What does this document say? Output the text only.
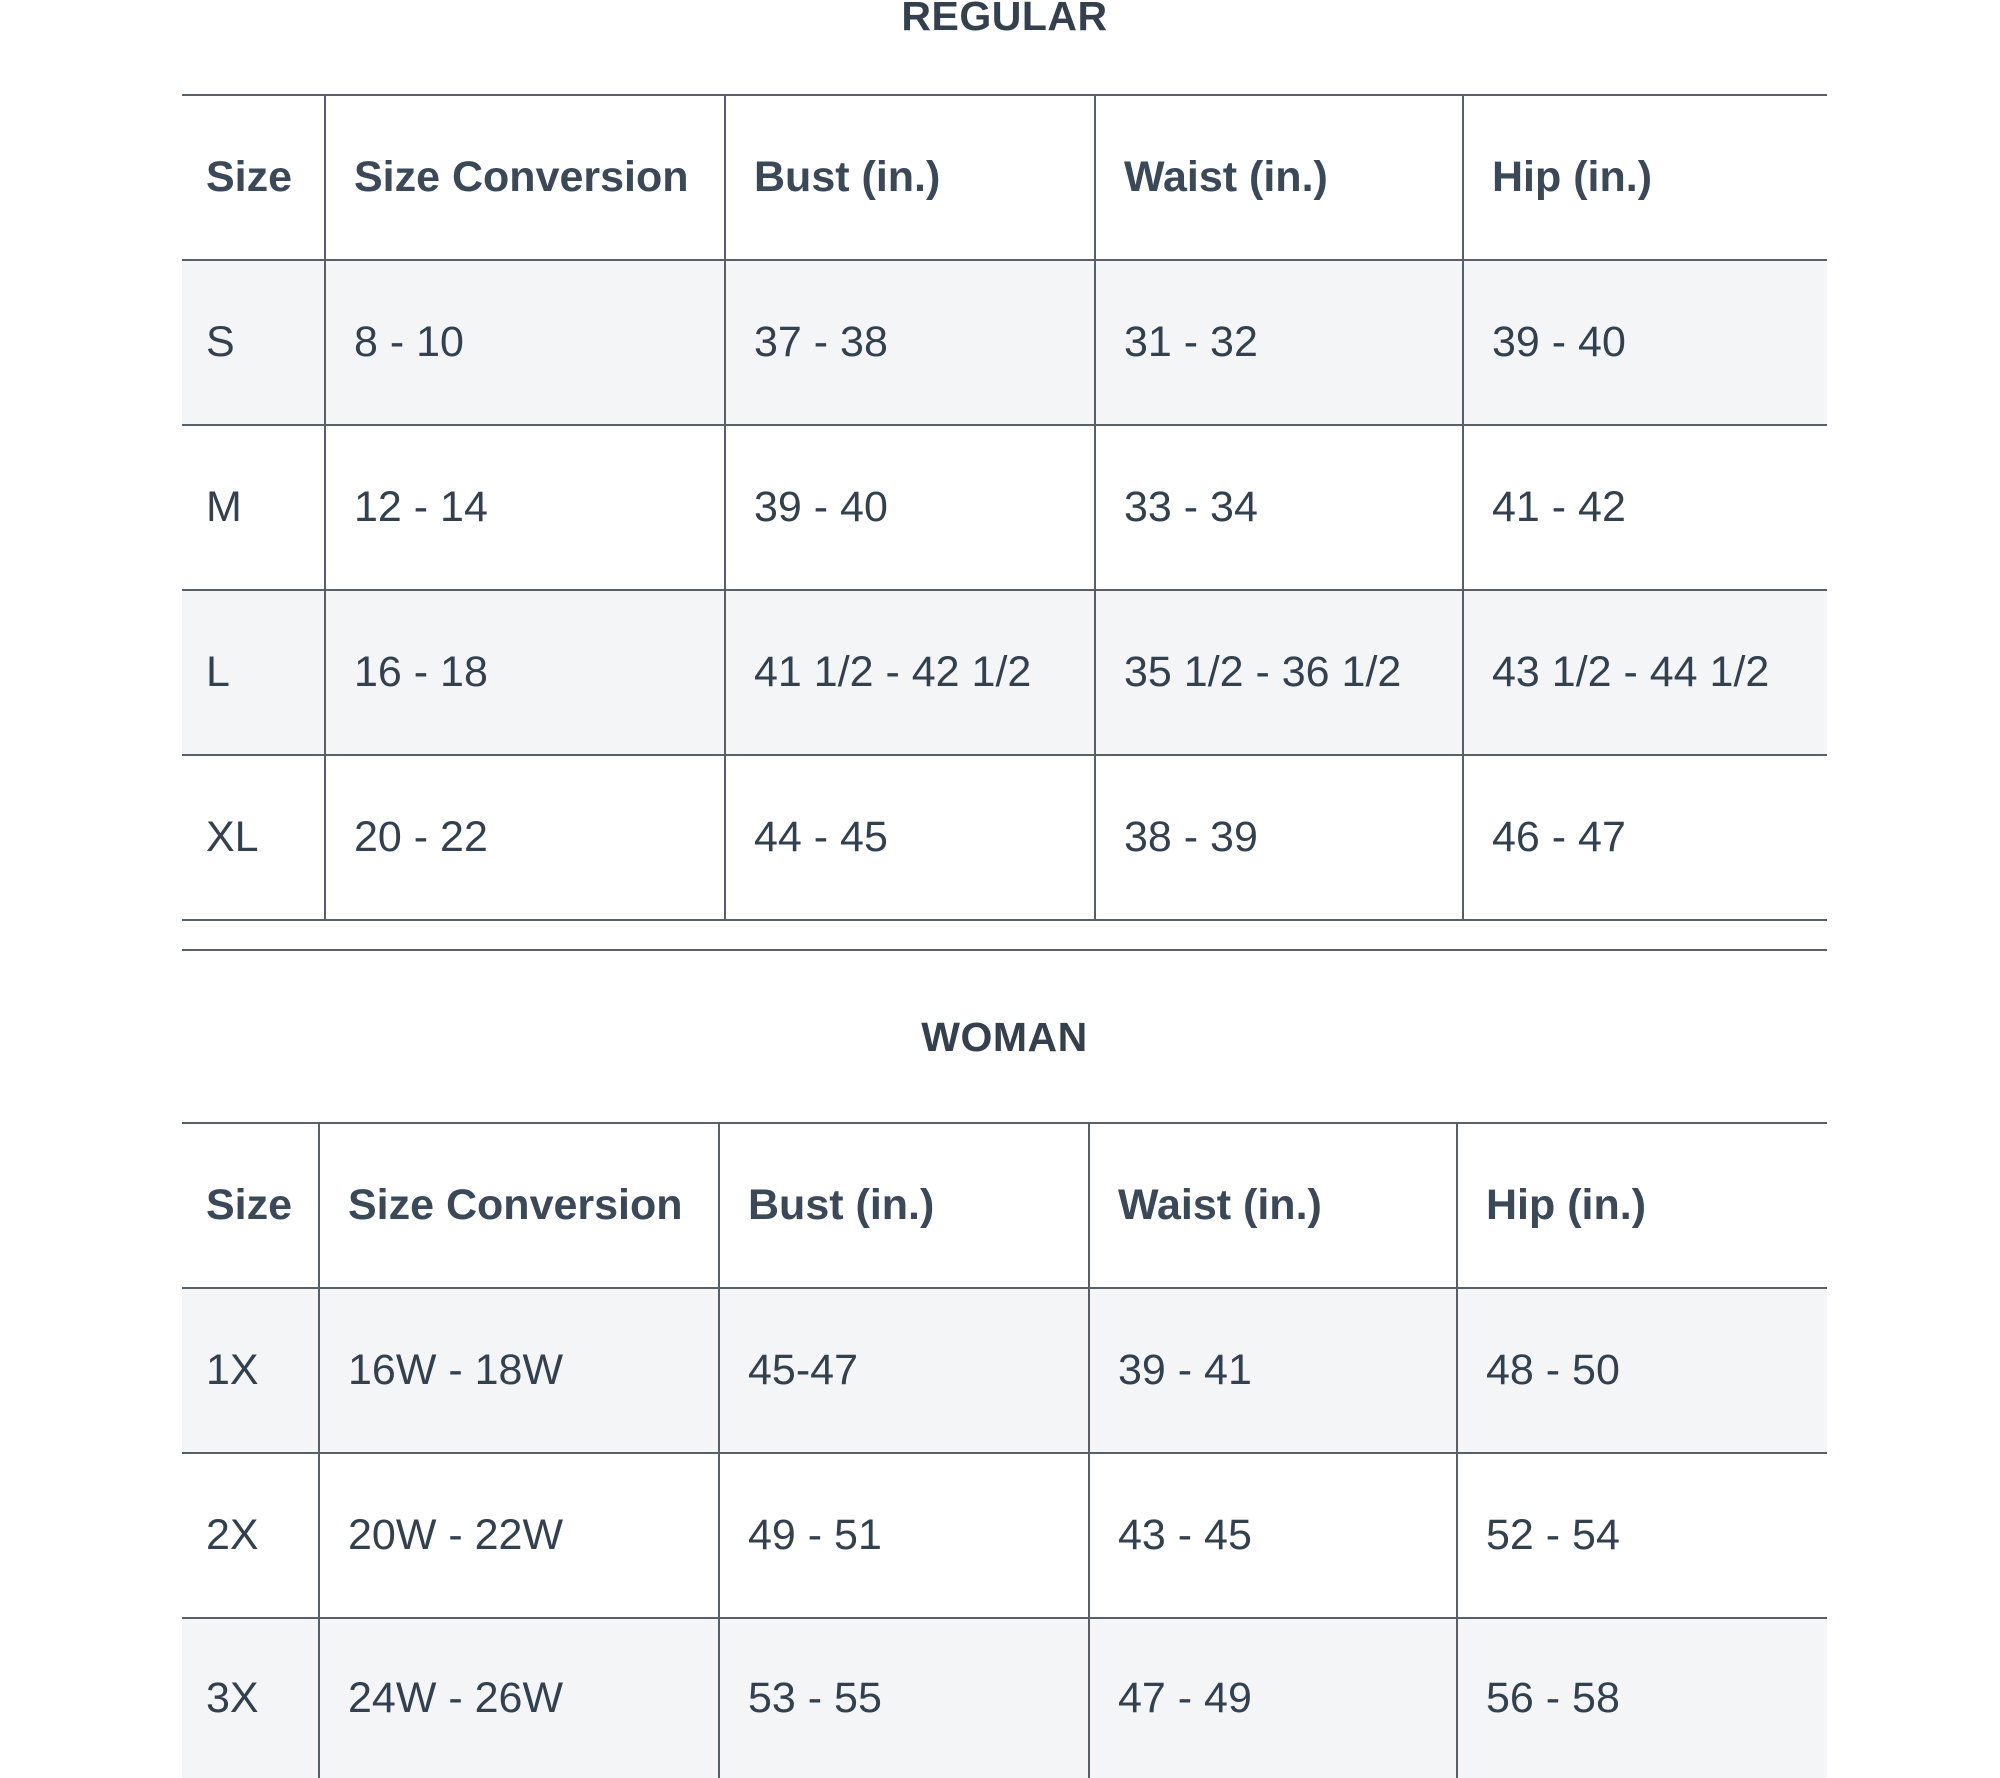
REGULAR
Size	Size Conversion	Bust (in.)	Waist (in.)	Hip (in.)
S	8 - 10	37 - 38	31 - 32	39 - 40
M	12 - 14	39 - 40	33 - 34	41 - 42
L	16 - 18	41 1/2 - 42 1/2	35 1/2 - 36 1/2	43 1/2 - 44 1/2
XL	20 - 22	44 - 45	38 - 39	46 - 47
WOMAN
Size	Size Conversion	Bust (in.)	Waist (in.)	Hip (in.)
1X	16W - 18W	45-47	39 - 41	48 - 50
2X	20W - 22W	49 - 51	43 - 45	52 - 54
3X	24W - 26W	53 - 55	47 - 49	56 - 58
